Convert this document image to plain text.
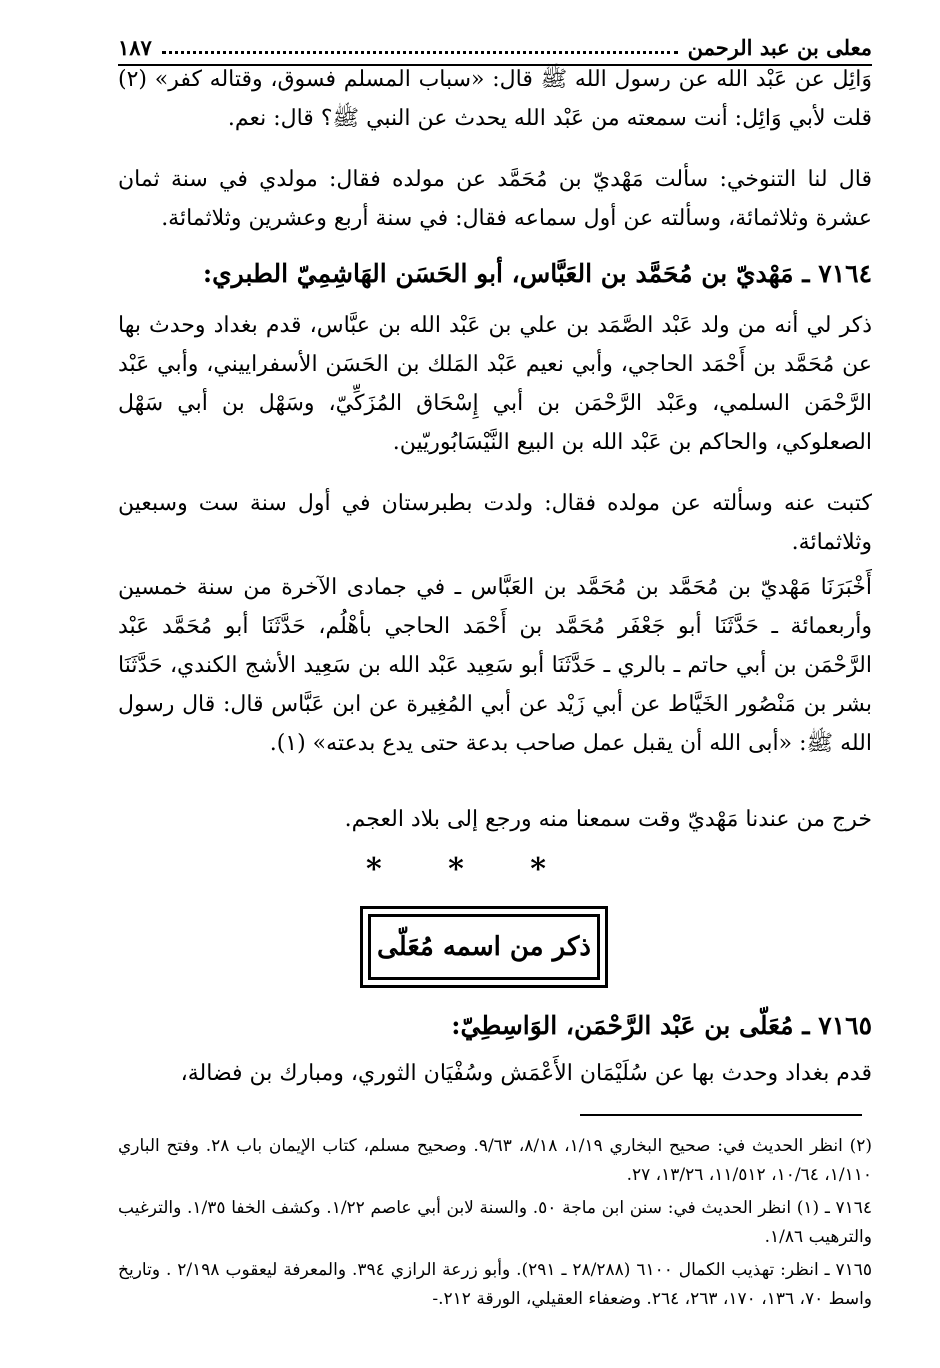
معلى بن عبد الرحمن
١٨٧

وَائِل عن عَبْد الله عن رسول الله ﷺ قال: «سباب المسلم فسوق، وقتاله كفر» (٢) قلت لأبي وَائِل: أنت سمعته من عَبْد الله يحدث عن النبي ﷺ؟ قال: نعم.

قال لنا التنوخي: سألت مَهْديّ بن مُحَمَّد عن مولده فقال: مولدي في سنة ثمان عشرة وثلاثمائة، وسألته عن أول سماعه فقال: في سنة أربع وعشرين وثلاثمائة.

٧١٦٤ ـ مَهْديّ بن مُحَمَّد بن العَبَّاس، أبو الحَسَن الهَاشِمِيّ الطبري:

ذكر لي أنه من ولد عَبْد الصَّمَد بن علي بن عَبْد الله بن عبَّاس، قدم بغداد وحدث بها عن مُحَمَّد بن أَحْمَد الحاجي، وأبي نعيم عَبْد المَلك بن الحَسَن الأسفراييني، وأبي عَبْد الرَّحْمَن السلمي، وعَبْد الرَّحْمَن بن أبي إِسْحَاق المُزَكِّيّ، وسَهْل بن أبي سَهْل الصعلوكي، والحاكم بن عَبْد الله بن البيع النَّيْسَابُوريّين.

كتبت عنه وسألته عن مولده فقال: ولدت بطبرستان في أول سنة ست وسبعين وثلاثمائة.

أَخْبَرَنَا مَهْديّ بن مُحَمَّد بن مُحَمَّد بن العَبَّاس ـ في جمادى الآخرة من سنة خمسين وأربعمائة ـ حَدَّثَنَا أبو جَعْفَر مُحَمَّد بن أَحْمَد الحاجي بأهْلُم، حَدَّثَنَا أبو مُحَمَّد عَبْد الرَّحْمَن بن أبي حاتم ـ بالري ـ حَدَّثَنَا أبو سَعِيد عَبْد الله بن سَعِيد الأشج الكندي، حَدَّثَنَا بشر بن مَنْصُور الخَيَّاط عن أبي زَيْد عن أبي المُغِيرة عن ابن عَبَّاس قال: قال رسول الله ﷺ: «أبى الله أن يقبل عمل صاحب بدعة حتى يدع بدعته» (١).

خرج من عندنا مَهْديّ وقت سمعنا منه ورجع إلى بلاد العجم.

* * *
ذكر من اسمه مُعَلّى
٧١٦٥ ـ مُعَلّى بن عَبْد الرَّحْمَن، الوَاسِطِيّ:

قدم بغداد وحدث بها عن سُلَيْمَان الأَعْمَش وسُفْيَان الثوري، ومبارك بن فضالة،

(٢) انظر الحديث في: صحيح البخاري ١/١٩، ٨/١٨، ٩/٦٣. وصحيح مسلم، كتاب الإيمان باب ٢٨. وفتح الباري ١/١١٠، ١٠/٦٤، ١١/٥١٢، ١٣/٢٦، ٢٧.

٧١٦٤ ـ (١) انظر الحديث في: سنن ابن ماجة ٥٠. والسنة لابن أبي عاصم ١/٢٢. وكشف الخفا ١/٣٥. والترغيب والترهيب ١/٨٦.

٧١٦٥ ـ انظر: تهذيب الكمال ٦١٠٠ (٢٨/٢٨٨ ـ ٢٩١). وأبو زرعة الرازي ٣٩٤. والمعرفة ليعقوب ٢/١٩٨ . وتاريخ واسط ٧٠، ١٣٦، ١٧٠، ٢٦٣، ٢٦٤. وضعفاء العقيلي، الورقة ٢١٢.-
